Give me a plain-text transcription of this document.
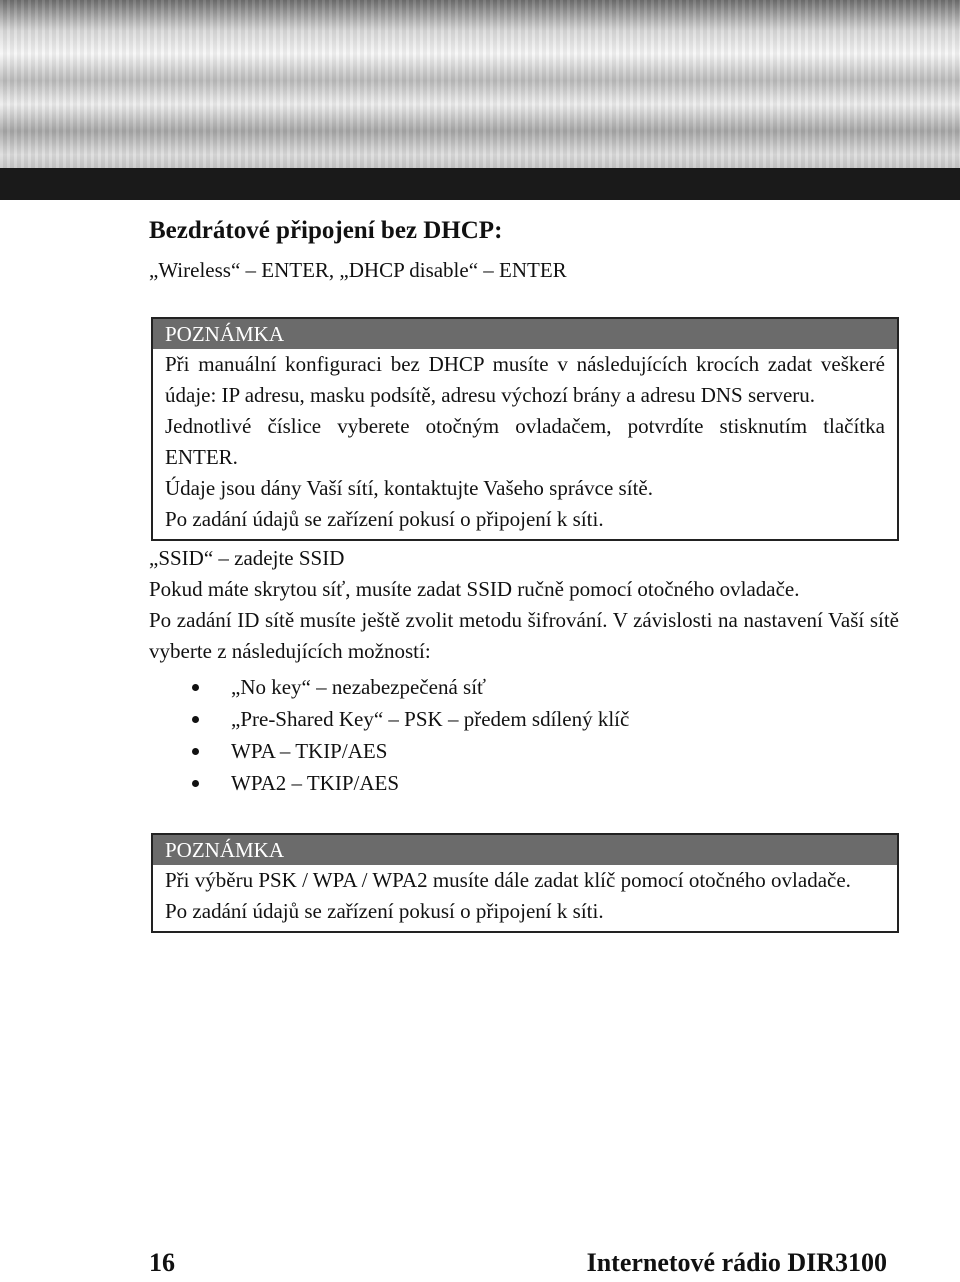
Bezdrátové připojení bez DHCP:

„Wireless“ – ENTER, „DHCP disable“ – ENTER

POZNÁMKA

Při manuální konfiguraci bez DHCP musíte v následujících krocích zadat veškeré údaje: IP adresu, masku podsítě, adresu výchozí brány a adresu DNS serveru.

Jednotlivé číslice vyberete otočným ovladačem, potvrdíte stisknutím tlačítka ENTER.

Údaje jsou dány Vaší sítí, kontaktujte Vašeho správce sítě.

Po zadání údajů se zařízení pokusí o připojení k síti.

„SSID“ – zadejte SSID

Pokud máte skrytou síť, musíte zadat SSID ručně pomocí otočného ovladače.

Po zadání ID sítě musíte ještě zvolit metodu šifrování. V závislosti na nastavení Vaší sítě vyberte z následujících možností:

„No key“ – nezabezpečená síť
„Pre-Shared Key“ – PSK – předem sdílený klíč
WPA – TKIP/AES
WPA2 – TKIP/AES
POZNÁMKA

Při výběru PSK / WPA / WPA2 musíte dále zadat klíč pomocí otočného ovladače.

Po zadání údajů se zařízení pokusí o připojení k síti.

16	Internetové rádio DIR3100
